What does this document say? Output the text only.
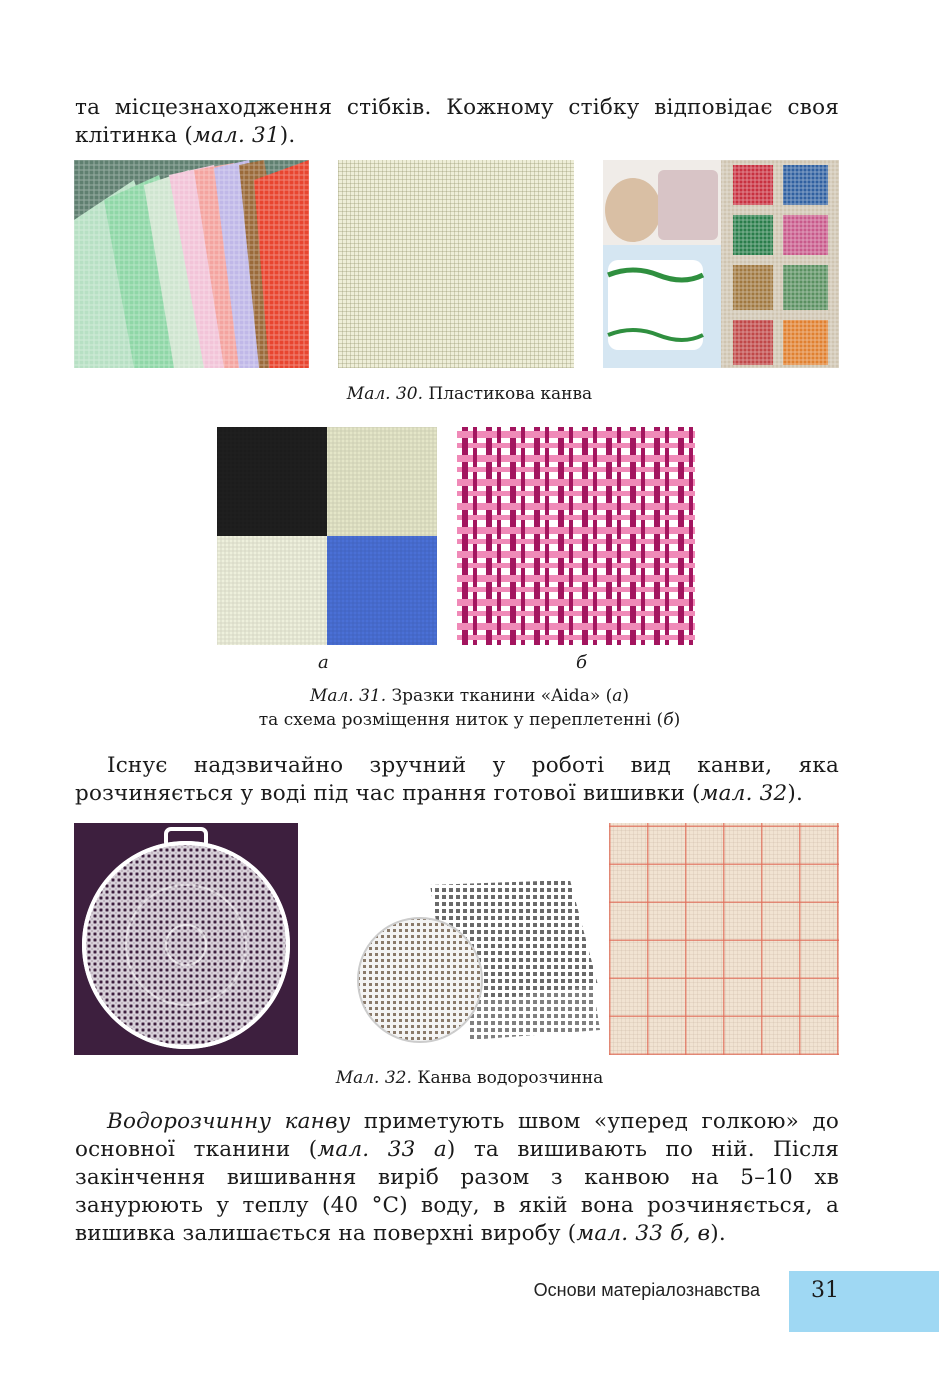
та місцезнаходження стібків. Кожному стібку відповідає своя клітинка (мал. 31).
Мал. 30. Пластикова канва
а	б
Мал. 31. Зразки тканини «Aida» (а)
та схема розміщення ниток у переплетенні (б)
Існує надзвичайно зручний у роботі вид канви, яка розчиняється у воді під час прання готової вишивки (мал. 32).
Мал. 32. Канва водорозчинна
Водорозчинну канву приметують швом «уперед голкою» до основної тканини (мал. 33 а) та вишивають по ній. Після закінчення вишивання виріб разом з канвою на 5–10 хв занурюють у теплу (40 °С) воду, в якій вона розчиняється, а вишивка залишається на поверхні виробу (мал. 33 б, в).
Основи матеріалознавства	31
